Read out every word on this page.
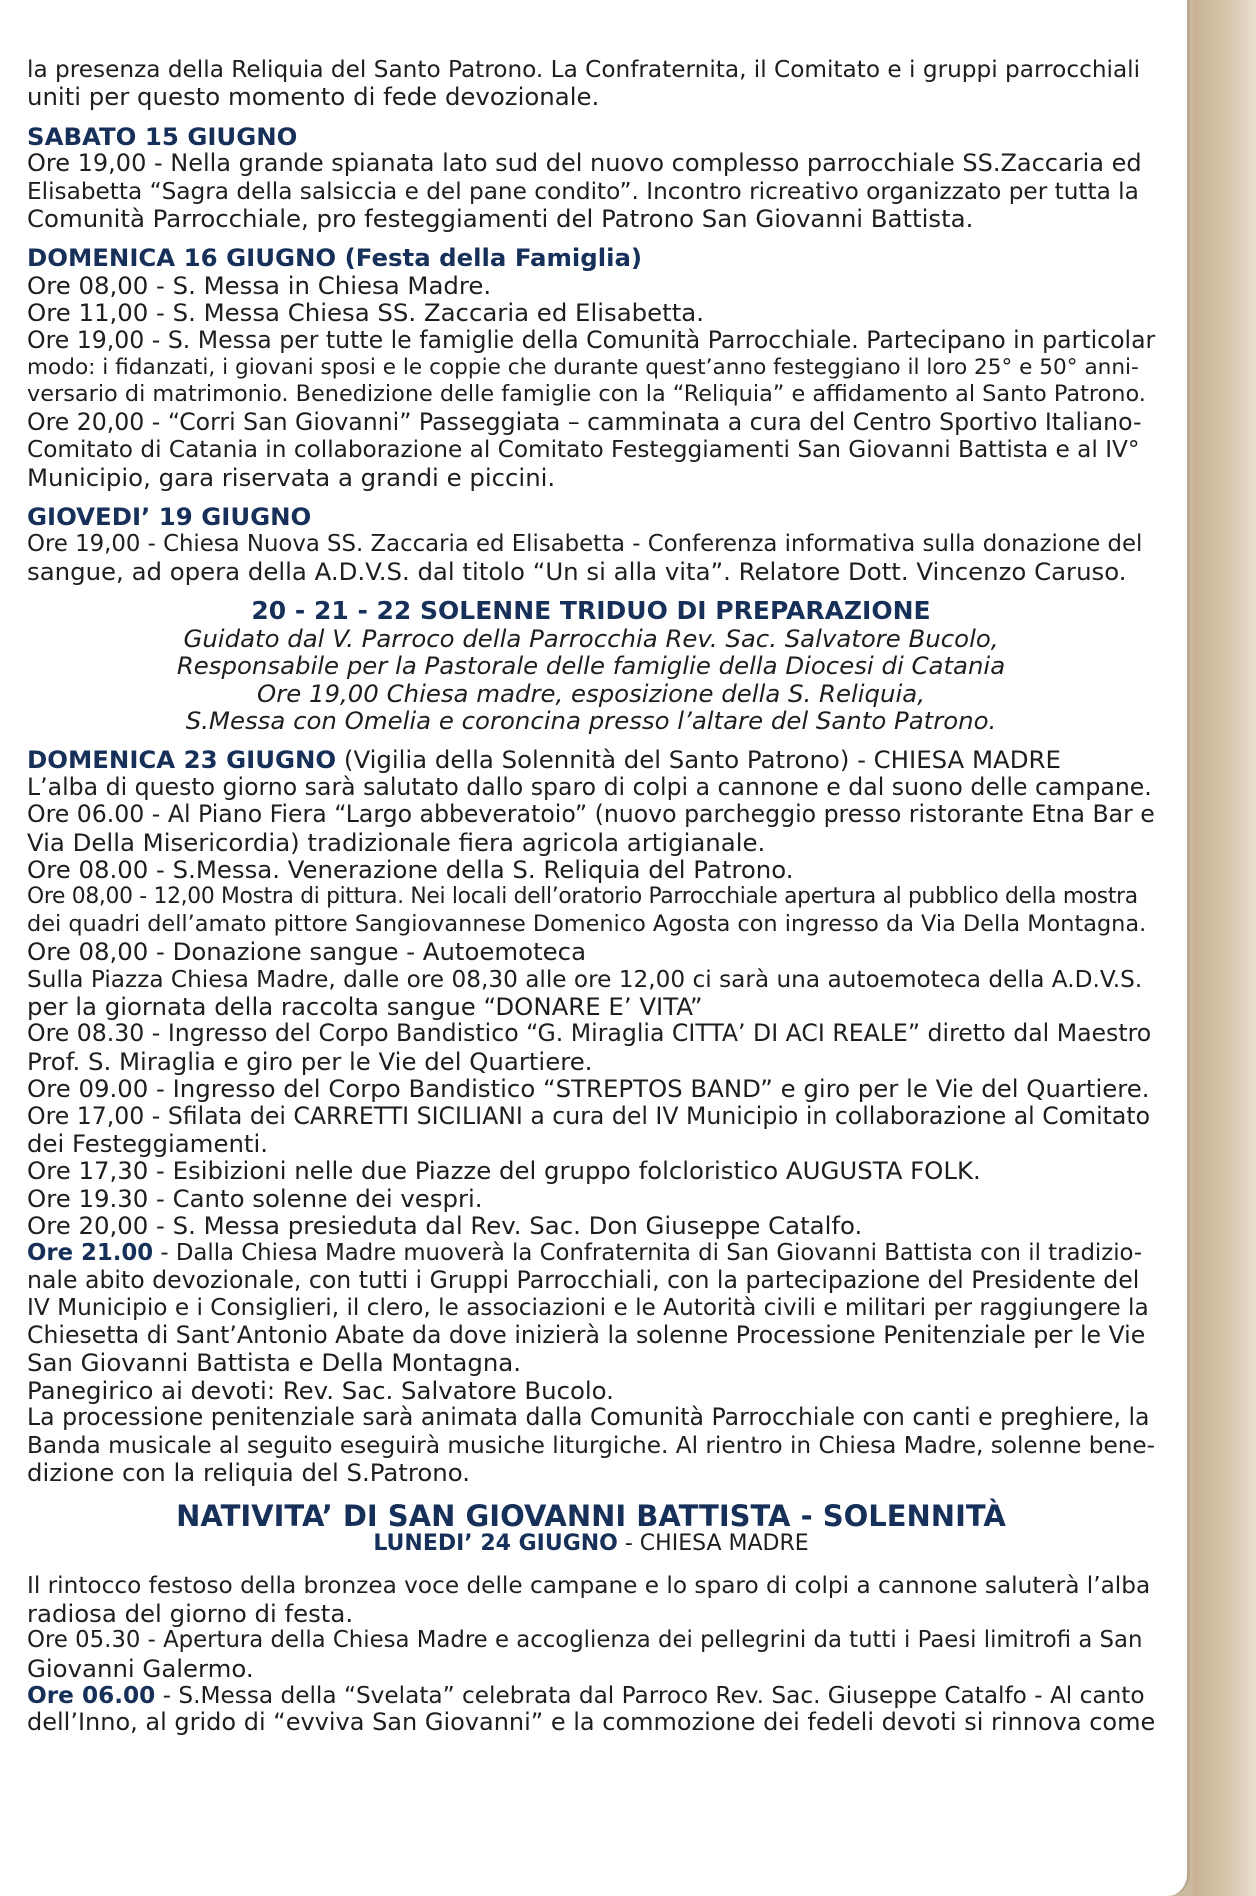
la presenza della Reliquia del Santo Patrono. La Confraternita, il Comitato e i gruppi parrocchiali

uniti per questo momento di fede devozionale.

SABATO 15 GIUGNO

Ore 19,00 - Nella grande spianata lato sud del nuovo complesso parrocchiale SS.Zaccaria ed

Elisabetta “Sagra della salsiccia e del pane condito”. Incontro ricreativo organizzato per tutta la

Comunità Parrocchiale, pro festeggiamenti del Patrono San Giovanni Battista.

DOMENICA 16 GIUGNO (Festa della Famiglia)

Ore 08,00 - S. Messa in Chiesa Madre.

Ore 11,00 - S. Messa Chiesa SS. Zaccaria ed Elisabetta.

Ore 19,00 - S. Messa per tutte le famiglie della Comunità Parrocchiale. Partecipano in particolar

modo: i fidanzati, i giovani sposi e le coppie che durante quest’anno festeggiano il loro 25° e 50° anni-

versario di matrimonio. Benedizione delle famiglie con la “Reliquia” e affidamento al Santo Patrono.

Ore 20,00 - “Corri San Giovanni” Passeggiata – camminata a cura del Centro Sportivo Italiano-

Comitato di Catania in collaborazione al Comitato Festeggiamenti San Giovanni Battista e al IV°

Municipio, gara riservata a grandi e piccini.

GIOVEDI’ 19 GIUGNO

Ore 19,00 - Chiesa Nuova SS. Zaccaria ed Elisabetta - Conferenza informativa sulla donazione del

sangue, ad opera della A.D.V.S. dal titolo “Un si alla vita”. Relatore Dott. Vincenzo Caruso.

20 - 21 - 22 SOLENNE TRIDUO DI PREPARAZIONE

Guidato dal V. Parroco della Parrocchia Rev. Sac. Salvatore Bucolo,

Responsabile per la Pastorale delle famiglie della Diocesi di Catania

Ore 19,00 Chiesa madre, esposizione della S. Reliquia,

S.Messa con Omelia e coroncina presso l’altare del Santo Patrono.

DOMENICA 23 GIUGNO (Vigilia della Solennità del Santo Patrono) - CHIESA MADRE

L’alba di questo giorno sarà salutato dallo sparo di colpi a cannone e dal suono delle campane.

Ore 06.00 - Al Piano Fiera “Largo abbeveratoio” (nuovo parcheggio presso ristorante Etna Bar e

Via Della Misericordia) tradizionale fiera agricola artigianale.

Ore 08.00 - S.Messa. Venerazione della S. Reliquia del Patrono.

Ore 08,00 - 12,00 Mostra di pittura. Nei locali dell’oratorio Parrocchiale apertura al pubblico della mostra

dei quadri dell’amato pittore Sangiovannese Domenico Agosta con ingresso da Via Della Montagna.

Ore 08,00 - Donazione sangue - Autoemoteca

Sulla Piazza Chiesa Madre, dalle ore 08,30 alle ore 12,00 ci sarà una autoemoteca della A.D.V.S.

per la giornata della raccolta sangue “DONARE E’ VITA”

Ore 08.30 - Ingresso del Corpo Bandistico “G. Miraglia CITTA’ DI ACI REALE” diretto dal Maestro

Prof. S. Miraglia e giro per le Vie del Quartiere.

Ore 09.00 - Ingresso del Corpo Bandistico “STREPTOS BAND” e giro per le Vie del Quartiere.

Ore 17,00 - Sfilata dei CARRETTI SICILIANI a cura del IV Municipio in collaborazione al Comitato

dei Festeggiamenti.

Ore 17,30 - Esibizioni nelle due Piazze del gruppo folcloristico AUGUSTA FOLK.

Ore 19.30 - Canto solenne dei vespri.

Ore 20,00 - S. Messa presieduta dal Rev. Sac. Don Giuseppe Catalfo.

Ore 21.00 - Dalla Chiesa Madre muoverà la Confraternita di San Giovanni Battista con il tradizio-

nale abito devozionale, con tutti i Gruppi Parrocchiali, con la partecipazione del Presidente del

IV Municipio e i Consiglieri, il clero, le associazioni e le Autorità civili e militari per raggiungere la

Chiesetta di Sant’Antonio Abate da dove inizierà la solenne Processione Penitenziale per le Vie

San Giovanni Battista e Della Montagna.

Panegirico ai devoti: Rev. Sac. Salvatore Bucolo.

La processione penitenziale sarà animata dalla Comunità Parrocchiale con canti e preghiere, la

Banda musicale al seguito eseguirà musiche liturgiche. Al rientro in Chiesa Madre, solenne bene-

dizione con la reliquia del S.Patrono.

NATIVITA’ DI SAN GIOVANNI BATTISTA - SOLENNITÀ

LUNEDI’ 24 GIUGNO - CHIESA MADRE

Il rintocco festoso della bronzea voce delle campane e lo sparo di colpi a cannone saluterà l’alba

radiosa del giorno di festa.

Ore 05.30 - Apertura della Chiesa Madre e accoglienza dei pellegrini da tutti i Paesi limitrofi a San

Giovanni Galermo.

Ore 06.00 - S.Messa della “Svelata” celebrata dal Parroco Rev. Sac. Giuseppe Catalfo - Al canto

dell’Inno, al grido di “evviva San Giovanni” e la commozione dei fedeli devoti si rinnova come
